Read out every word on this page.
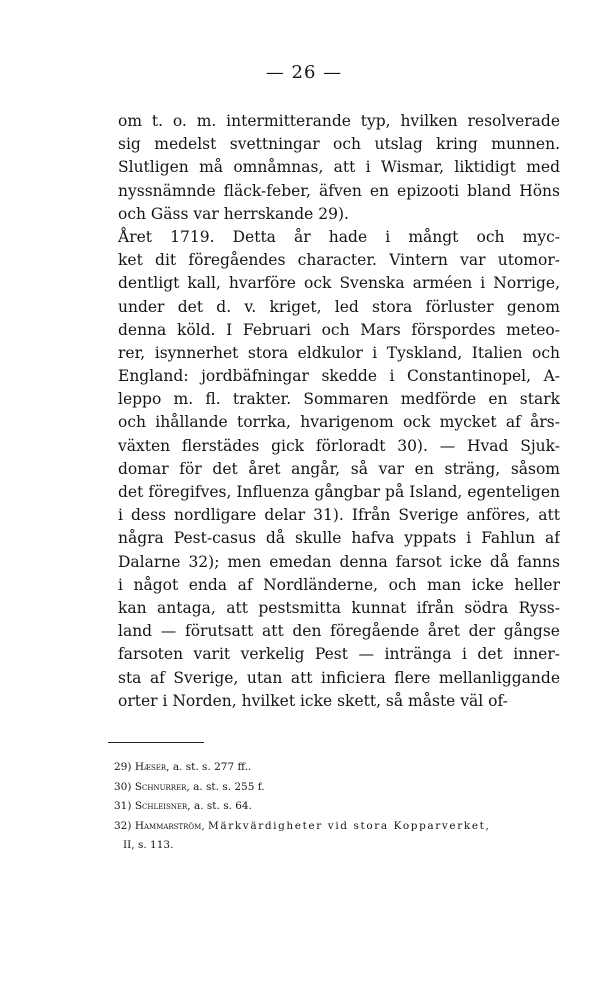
— 26 —
om t. o. m. intermitterande typ, hvilken resolverade
sig medelst svettningar och utslag kring munnen.
Slutligen må omnåmnas, att i Wismar, liktidigt med
nyssnämnde fläck-feber, äfven en epizooti bland Höns
och Gäss var herrskande 29).
Året 1719. Detta år hade i mångt och myc-
ket dit föregåendes character. Vintern var utomor-
dentligt kall, hvarföre ock Svenska arméen i Norrige,
under det d. v. kriget, led stora förluster genom
denna köld. I Februari och Mars förspordes meteo-
rer, isynnerhet stora eldkulor i Tyskland, Italien och
England: jordbäfningar skedde i Constantinopel, A-
leppo m. fl. trakter. Sommaren medförde en stark
och ihållande torrka, hvarigenom ock mycket af års-
växten flerstädes gick förloradt 30). — Hvad Sjuk-
domar för det året angår, så var en sträng, såsom
det föregifves, Influenza gångbar på Island, egenteligen
i dess nordligare delar 31). Ifrån Sverige anföres, att
några Pest-casus då skulle hafva yppats i Fahlun af
Dalarne 32); men emedan denna farsot icke då fanns
i något enda af Nordländerne, och man icke heller
kan antaga, att pestsmitta kunnat ifrån södra Ryss-
land — förutsatt att den föregående året der gångse
farsoten varit verkelig Pest — intränga i det inner-
sta af Sverige, utan att inficiera flere mellanliggande
orter i Norden, hvilket icke skett, så måste väl of-
29) Hæser, a. st. s. 277 ff..
30) Schnurrer, a. st. s. 255 f.
31) Schleisner, a. st. s. 64.
32) Hammarström, Märkvärdigheter vid stora Kopparverket,
II, s. 113.
